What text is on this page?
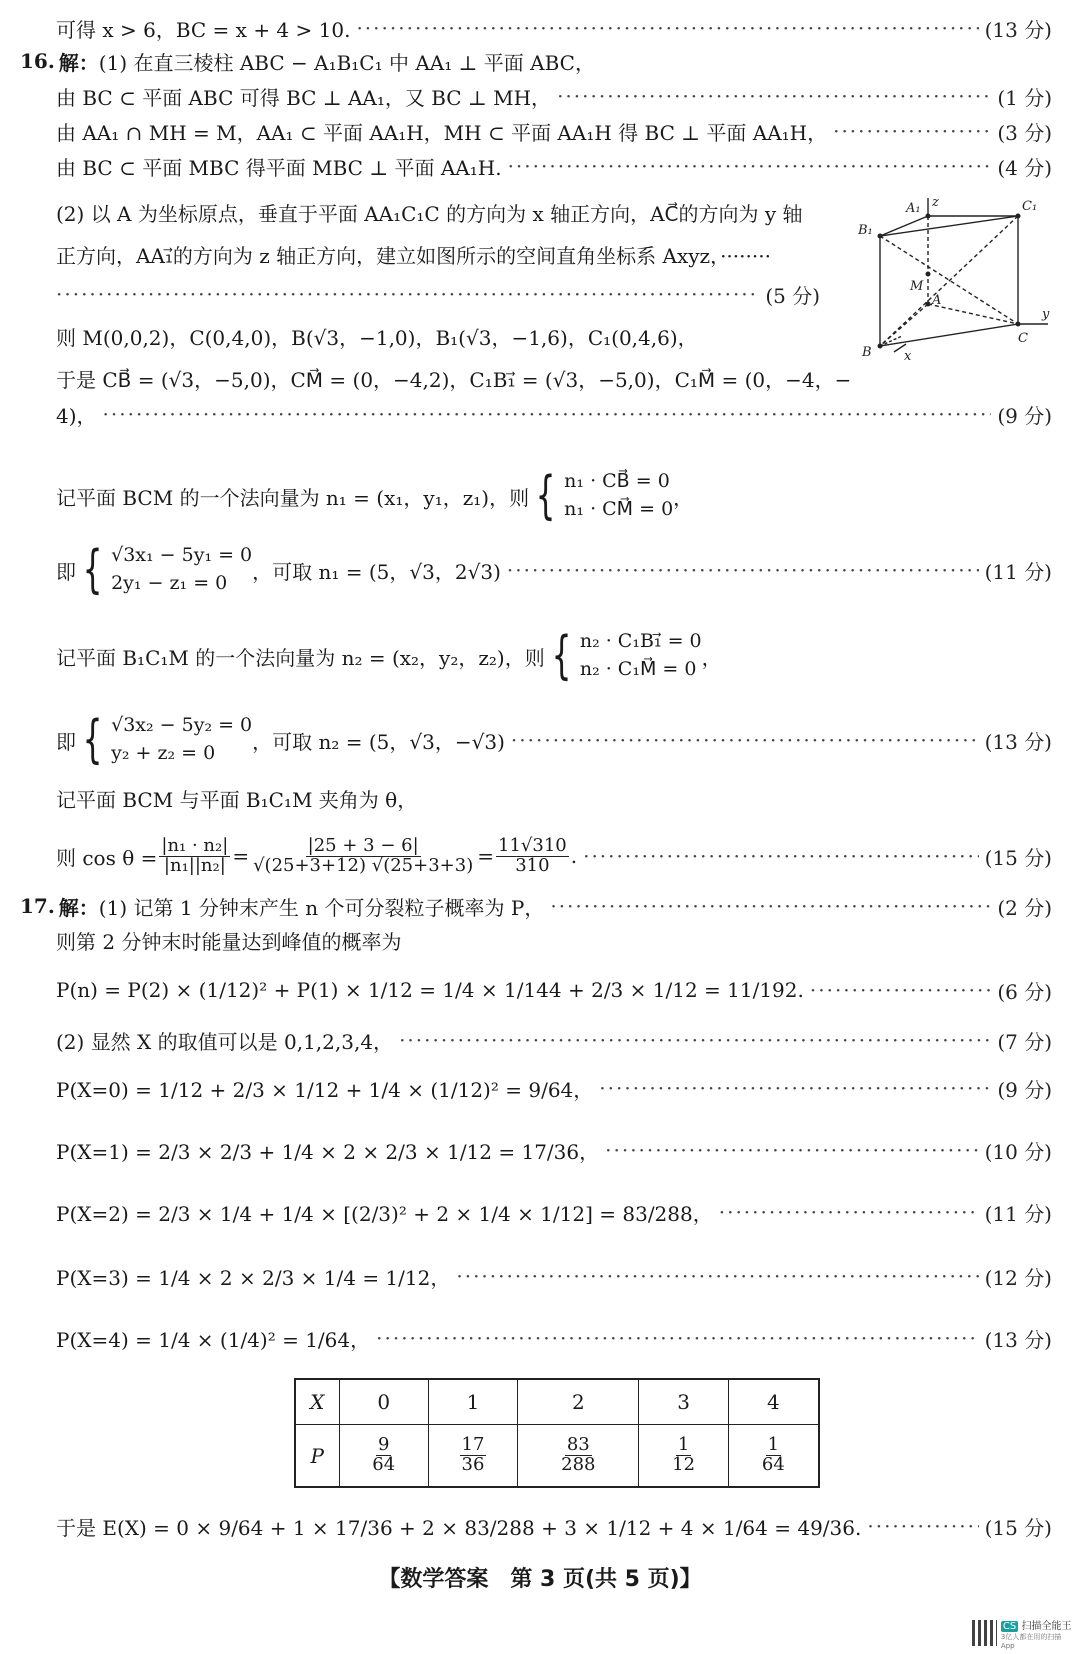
可得 x > 6，BC = x + 4 > 10. ·····	(13 分)
16. 解： (1) 在直三棱柱 ABC − A₁B₁C₁ 中 AA₁ ⊥ 平面 ABC，
由 BC ⊂ 平面 ABC 可得 BC ⊥ AA₁，又 BC ⊥ MH， ·····	(1 分)
由 AA₁ ∩ MH = M，AA₁ ⊂ 平面 AA₁H，MH ⊂ 平面 AA₁H 得 BC ⊥ 平面 AA₁H， ·····	(3 分)
由 BC ⊂ 平面 MBC 得平面 MBC ⊥ 平面 AA₁H. ·····	(4 分)
(2) 以 A 为坐标原点，垂直于平面 AA₁C₁C 的方向为 x 轴正方向，AC⃗的方向为 y 轴
正方向，AA₁⃗的方向为 z 轴正方向，建立如图所示的空间直角坐标系 Axyz，········
·····
(5 分)
则 M(0,0,2)，C(0,4,0)，B(√3，−1,0)，B₁(√3，−1,6)，C₁(0,4,6)，
A₁ z	C₁
B₁
M
A
y
B x
C
于是 CB⃗ = (√3，−5,0)，CM⃗ = (0，−4,2)，C₁B₁⃗ = (√3，−5,0)，C₁M⃗ = (0，−4，−
4)， ·····	(9 分)
记平面 BCM 的一个法向量为 n₁ = (x₁，y₁，z₁)，则 { n₁ · CB⃗ = 0
n₁ · CM⃗ = 0 ，
即 { √3x₁ − 5y₁ = 0
2y₁ − z₁ = 0	，可取 n₁ = (5，√3，2√3) ·····	(11 分)
记平面 B₁C₁M 的一个法向量为 n₂ = (x₂，y₂，z₂)，则 { n₂ · C₁B₁⃗ = 0
n₂ · C₁M⃗ = 0 ，
即 { √3x₂ − 5y₂ = 0
y₂ + z₂ = 0	，可取 n₂ = (5，√3，−√3) ·····	(13 分)
记平面 BCM 与平面 B₁C₁M 夹角为 θ，
则 $\cos \theta = \frac{\text{|n₁ · n₂|}}{\text{|n₁||n₂|}} = \frac{|25 + 3 - 6|}{√(25+3+12) √(25+3+3)} = \frac{11√310}{310}$ . ·····	(15 分)
17. 解： (1) 记第 1 分钟末产生 n 个可分裂粒子概率为 P， ·····	(2 分)
则第 2 分钟末时能量达到峰值的概率为
P(n) = P(2) × (1/12)² + P(1) × 1/12 = 1/4 × 1/144 + 2/3 × 1/12 = 11/192. ·····	(6 分)
(2) 显然 X 的取值可以是 0,1,2,3,4， ·····	(7 分)
P(X=0) = 1/12 + 2/3 × 1/12 + 1/4 × (1/12)² = 9/64， ·····	(9 分)
P(X=1) = 2/3 × 2/3 + 1/4 × 2 × 2/3 × 1/12 = 17/36， ·····	(10 分)
P(X=2) = 2/3 × 1/4 + 1/4 × [(2/3)² + 2 × 1/4 × 1/12] = 83/288， ·····	(11 分)
P(X=3) = 1/4 × 2 × 2/3 × 1/4 = 1/12， ·····	(12 分)
P(X=4) = 1/4 × (1/4)² = 1/64， ·····	(13 分)
X	0	1	2	3	4
P	$\frac{9}{64}$	$\frac{17}{36}$	$\frac{83}{288}$	$\frac{1}{12}$	$\frac{1}{64}$
于是 E(X) = 0 × 9/64 + 1 × 17/36 + 2 × 83/288 + 3 × 1/12 + 4 × 1/64 = 49/36. ·····	(15 分)
【数学答案　第 3 页(共 5 页)】
CS 扫描全能王
3亿人都在用的扫描App
